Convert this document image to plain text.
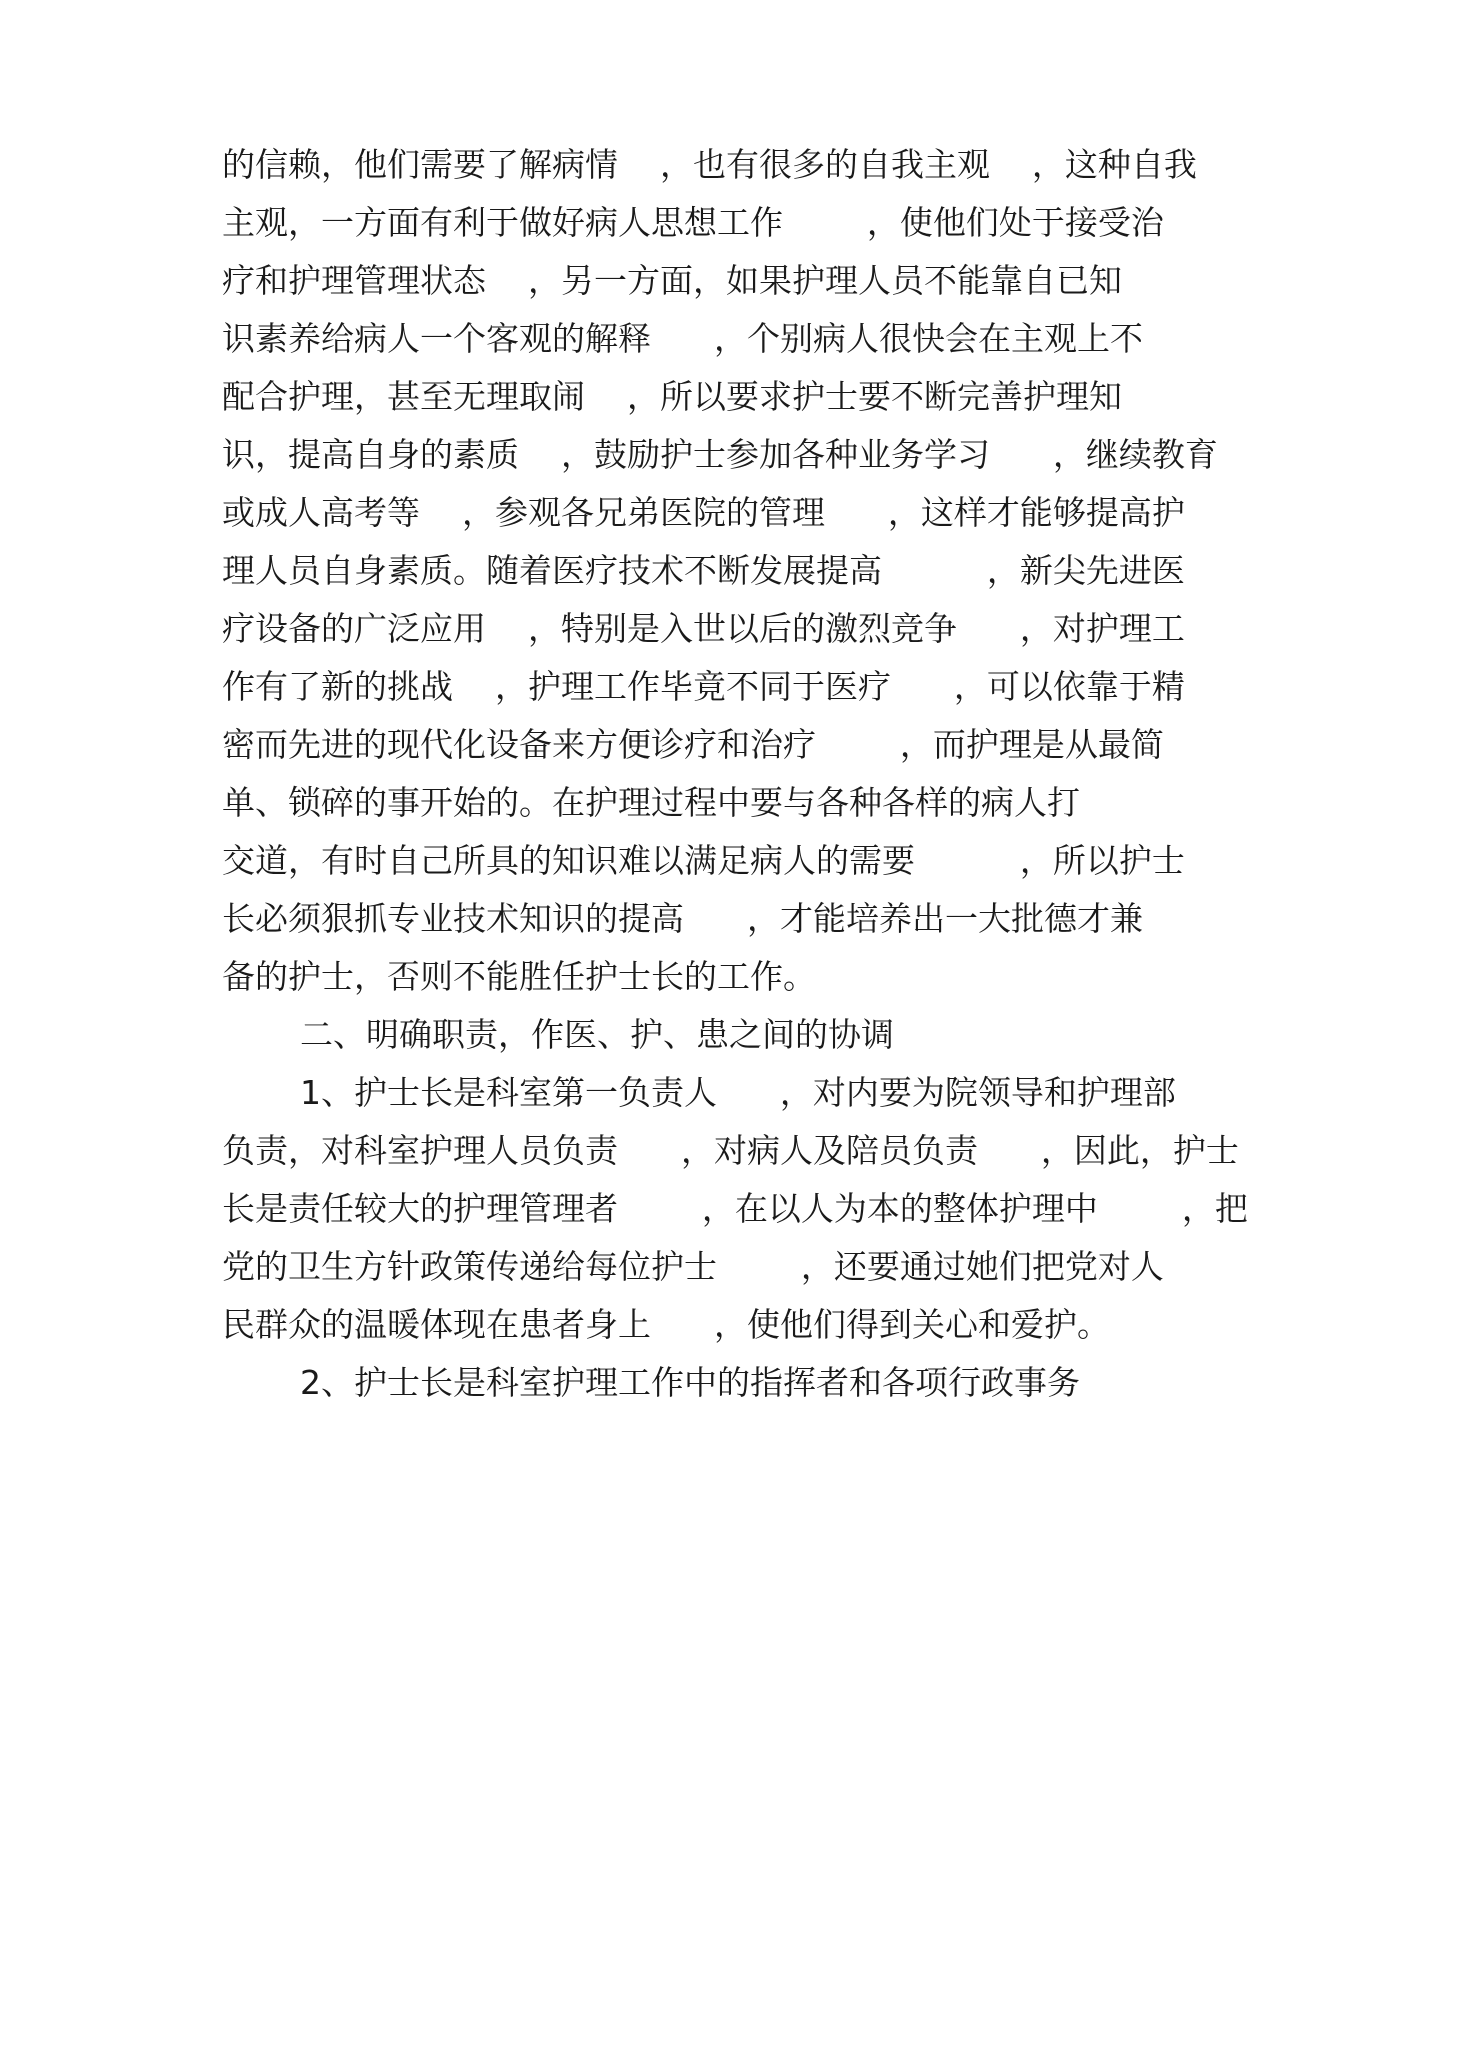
的信赖，他们需要了解病情    ，也有很多的自我主观    ，这种自我
主观，一方面有利于做好病人思想工作        ，使他们处于接受治
疗和护理管理状态    ，另一方面，如果护理人员不能靠自已知
识素养给病人一个客观的解释      ，个别病人很快会在主观上不
配合护理，甚至无理取闹    ，所以要求护士要不断完善护理知
识，提高自身的素质    ，鼓励护士参加各种业务学习      ，继续教育
或成人高考等    ，参观各兄弟医院的管理      ，这样才能够提高护
理人员自身素质。随着医疗技术不断发展提高          ，新尖先进医
疗设备的广泛应用    ，特别是入世以后的激烈竞争      ，对护理工
作有了新的挑战    ，护理工作毕竟不同于医疗      ，可以依靠于精
密而先进的现代化设备来方便诊疗和治疗        ，而护理是从最简
单、锁碎的事开始的。在护理过程中要与各种各样的病人打
交道，有时自己所具的知识难以满足病人的需要          ，所以护士
长必须狠抓专业技术知识的提高      ，才能培养出一大批德才兼
备的护士，否则不能胜任护士长的工作。
二、明确职责，作医、护、患之间的协调
1、护士长是科室第一负责人      ，对内要为院领导和护理部
负责，对科室护理人员负责      ，对病人及陪员负责      ，因此，护士
长是责任较大的护理管理者        ，在以人为本的整体护理中        ，把
党的卫生方针政策传递给每位护士        ，还要通过她们把党对人
民群众的温暖体现在患者身上      ，使他们得到关心和爱护。
2、护士长是科室护理工作中的指挥者和各项行政事务
